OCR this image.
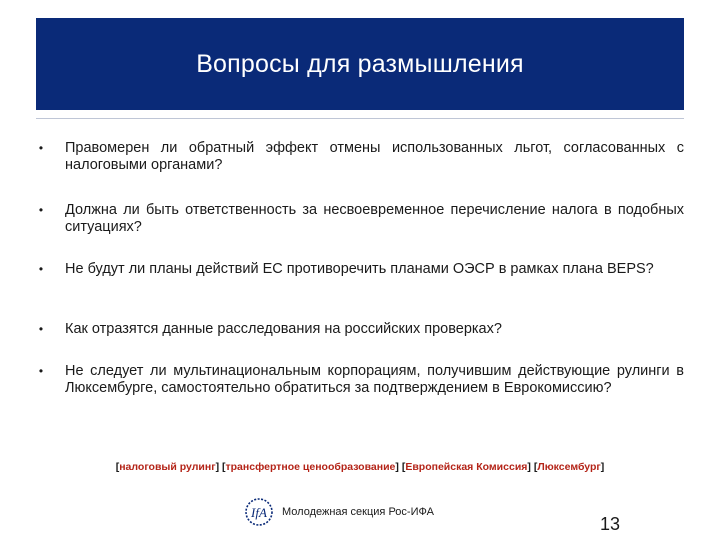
Вопросы для размышления
• Правомерен ли обратный эффект отмены использованных льгот, согласованных с налоговыми органами?
• Должна ли быть ответственность за несвоевременное перечисление налога в подобных ситуациях?
• Не будут ли планы действий ЕС противоречить планами ОЭСР в рамках плана BEPS?
• Как отразятся данные расследования на российских проверках?
• Не следует ли мультинациональным корпорациям, получившим действующие рулинги в Люксембурге, самостоятельно обратиться за подтверждением в Еврокомиссию?
[налоговый рулинг] [трансфертное ценообразование] [Европейская Комиссия] [Люксембург]
IfA Молодежная секция Рос-ИФА
13
